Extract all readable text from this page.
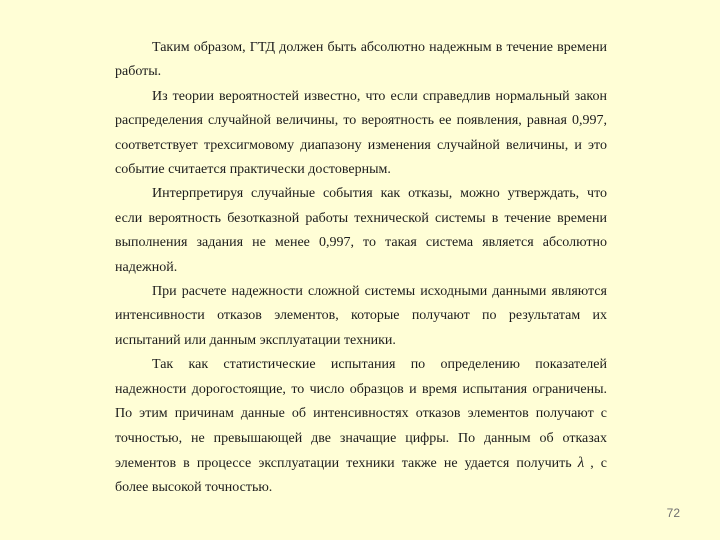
Таким образом, ГТД должен быть абсолютно надежным в течение времени работы.

Из теории вероятностей известно, что если справедлив нормальный закон распределения случайной величины, то вероятность ее появления, равная 0,997, соответствует трехсигмовому диапазону изменения случайной величины, и это событие считается практически достоверным.

Интерпретируя случайные события как отказы, можно утверждать, что если вероятность безотказной работы технической системы в течение времени выполнения задания не менее 0,997, то такая система является абсолютно надежной.

При расчете надежности сложной системы исходными данными являются интенсивности отказов элементов, которые получают по результатам их испытаний или данным эксплуатации техники.

Так как статистические испытания по определению показателей надежности дорогостоящие, то число образцов и время испытания ограничены. По этим причинам данные об интенсивностях отказов элементов получают с точностью, не превышающей две значащие цифры. По данным об отказах элементов в процессе эксплуатации техники также не удается получить λ , с более высокой точностью.

72
